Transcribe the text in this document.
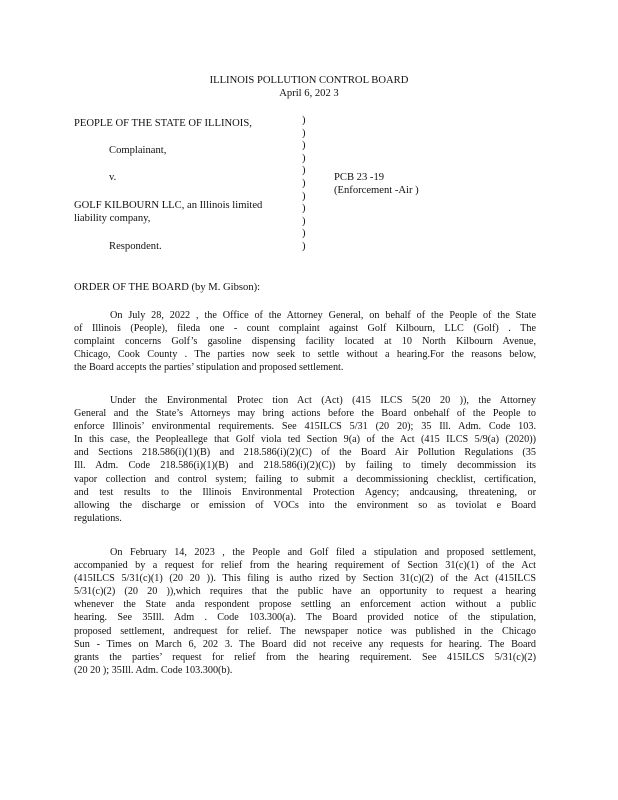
ILLINOIS POLLUTION CONTROL BOARD
April 6, 202 3
PEOPLE OF THE STATE OF ILLINOIS,
Complainant,
v.
GOLF KILBOURN LLC, an Illinois limited
liability company,
Respondent.
)
)
)
)
)
)
)
)
)
)
)
PCB 23 -19
(Enforcement -Air )
ORDER OF THE BOARD (by M. Gibson):
On July 28, 2022 , the Office of the Attorney General, on behalf of the People of the State
of Illinois (People), fileda one - count complaint against Golf Kilbourn, LLC (Golf) . The
complaint concerns Golf’s gasoline dispensing facility located at 10 North Kilbourn Avenue,
Chicago, Cook County . The parties now seek to settle without a hearing.For the reasons below,
the Board accepts the parties’ stipulation and proposed settlement.
Under the Environmental Protec tion Act (Act) (415 ILCS 5(20 20 )), the Attorney
General and the State’s Attorneys may bring actions before the Board onbehalf of the People to
enforce Illinois’ environmental requirements. See 415ILCS 5/31 (20 20); 35 Ill. Adm. Code 103.
In this case, the Peopleallege that Golf viola ted Section 9(a) of the Act (415 ILCS 5/9(a) (2020))
and Sections 218.586(i)(1)(B) and 218.586(i)(2)(C) of the Board Air Pollution Regulations (35
Ill. Adm. Code 218.586(i)(1)(B) and 218.586(i)(2)(C)) by failing to timely decommission its
vapor collection and control system; failing to submit a decommissioning checklist, certification,
and test results to the Illinois Environmental Protection Agency; andcausing, threatening, or
allowing the discharge or emission of VOCs into the environment so as toviolat e Board
regulations.
On February 14, 2023 , the People and Golf filed a stipulation and proposed settlement,
accompanied by a request for relief from the hearing requirement of Section 31(c)(1) of the Act
(415ILCS 5/31(c)(1) (20 20 )). This filing is autho rized by Section 31(c)(2) of the Act (415ILCS
5/31(c)(2) (20 20 )),which requires that the public have an opportunity to request a hearing
whenever the State anda respondent propose settling an enforcement action without a public
hearing. See 35Ill. Adm . Code 103.300(a). The Board provided notice of the stipulation,
proposed settlement, andrequest for relief. The newspaper notice was published in the Chicago
Sun - Times on March 6, 202 3. The Board did not receive any requests for hearing. The Board
grants the parties’ request for relief from the hearing requirement. See 415ILCS 5/31(c)(2)
(20 20 ); 35Ill. Adm. Code 103.300(b).
